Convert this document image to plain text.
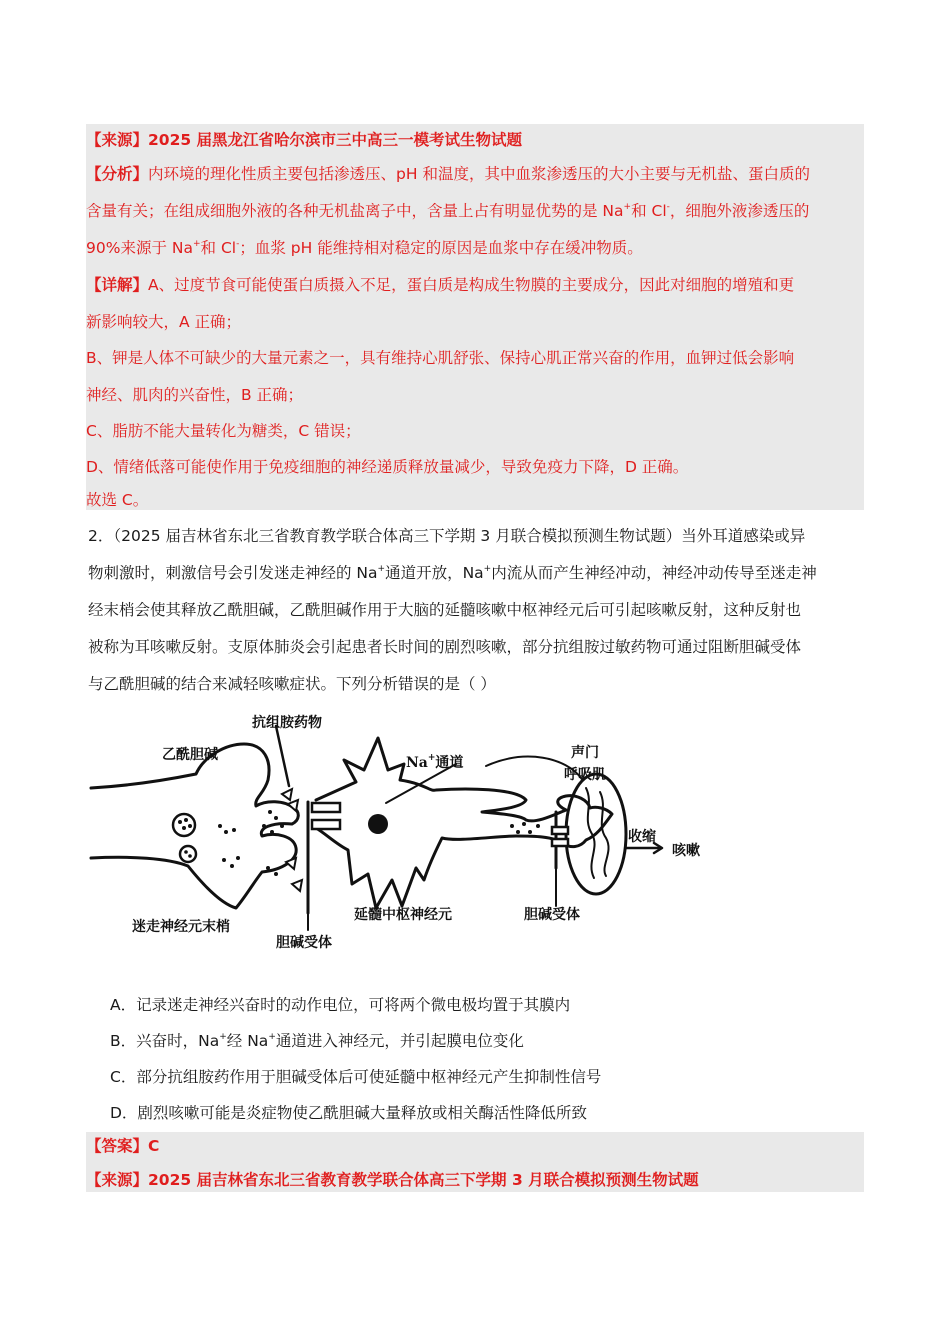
【来源】2025 届黑龙江省哈尔滨市三中高三一模考试生物试题
【分析】内环境的理化性质主要包括渗透压、pH 和温度，其中血浆渗透压的大小主要与无机盐、蛋白质的
含量有关；在组成细胞外液的各种无机盐离子中，含量上占有明显优势的是 Na+和 Cl-，细胞外液渗透压的
90%来源于 Na+和 Cl-；血浆 pH 能维持相对稳定的原因是血浆中存在缓冲物质。
【详解】A、过度节食可能使蛋白质摄入不足，蛋白质是构成生物膜的主要成分，因此对细胞的增殖和更
新影响较大，A 正确；
B、钾是人体不可缺少的大量元素之一，具有维持心肌舒张、保持心肌正常兴奋的作用，血钾过低会影响
神经、肌肉的兴奋性，B 正确；
C、脂肪不能大量转化为糖类，C 错误；
D、情绪低落可能使作用于免疫细胞的神经递质释放量减少，导致免疫力下降，D 正确。
故选 C。
2．（2025 届吉林省东北三省教育教学联合体高三下学期 3 月联合模拟预测生物试题）当外耳道感染或异
物刺激时，刺激信号会引发迷走神经的 Na+通道开放，Na+内流从而产生神经冲动，神经冲动传导至迷走神
经末梢会使其释放乙酰胆碱，乙酰胆碱作用于大脑的延髓咳嗽中枢神经元后可引起咳嗽反射，这种反射也
被称为耳咳嗽反射。支原体肺炎会引起患者长时间的剧烈咳嗽，部分抗组胺过敏药物可通过阻断胆碱受体
与乙酰胆碱的结合来减轻咳嗽症状。下列分析错误的是（ ）
抗组胺药物
乙酰胆碱	Na+通道
声门
呼吸肌
收缩
咳嗽
迷走神经元末梢
延髓中枢神经元
胆碱受体
胆碱受体
A．记录迷走神经兴奋时的动作电位，可将两个微电极均置于其膜内
B．兴奋时，Na+经 Na+通道进入神经元，并引起膜电位变化
C．部分抗组胺药作用于胆碱受体后可使延髓中枢神经元产生抑制性信号
D．剧烈咳嗽可能是炎症物使乙酰胆碱大量释放或相关酶活性降低所致
【答案】C
【来源】2025 届吉林省东北三省教育教学联合体高三下学期 3 月联合模拟预测生物试题
